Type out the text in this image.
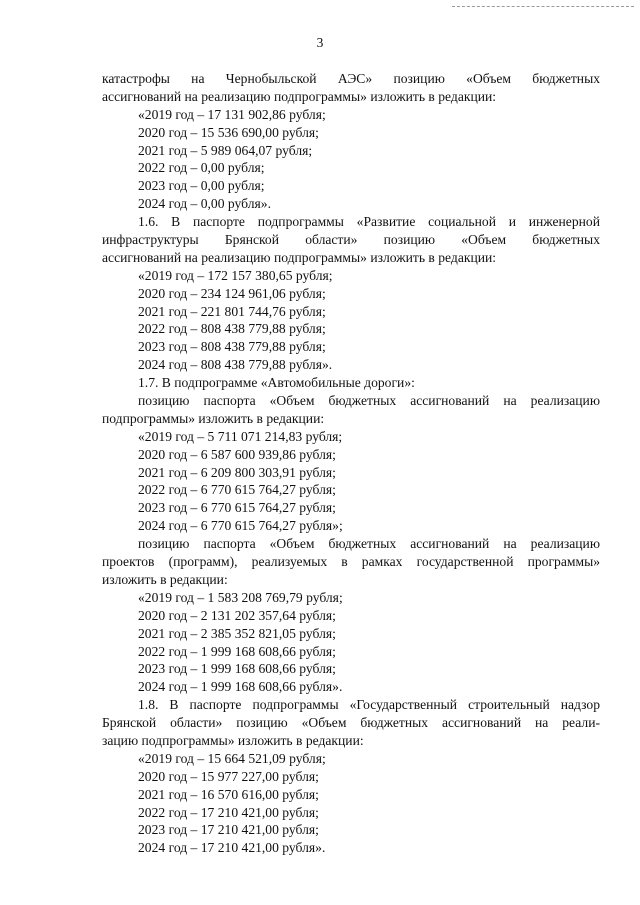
3
катастрофы на Чернобыльской АЭС» позицию «Объем бюджетных
ассигнований на реализацию подпрограммы» изложить в редакции:
«2019 год – 17 131 902,86 рубля;
2020 год – 15 536 690,00 рубля;
2021 год – 5 989 064,07 рубля;
2022 год – 0,00 рубля;
2023 год – 0,00 рубля;
2024 год – 0,00 рубля».
1.6. В паспорте подпрограммы «Развитие социальной и инженерной
инфраструктуры Брянской области» позицию «Объем бюджетных
ассигнований на реализацию подпрограммы» изложить в редакции:
«2019 год – 172 157 380,65 рубля;
2020 год – 234 124 961,06 рубля;
2021 год – 221 801 744,76 рубля;
2022 год – 808 438 779,88 рубля;
2023 год – 808 438 779,88 рубля;
2024 год – 808 438 779,88 рубля».
1.7. В подпрограмме «Автомобильные дороги»:
позицию паспорта «Объем бюджетных ассигнований на реализацию
подпрограммы» изложить в редакции:
«2019 год – 5 711 071 214,83 рубля;
2020 год – 6 587 600 939,86 рубля;
2021 год – 6 209 800 303,91 рубля;
2022 год – 6 770 615 764,27 рубля;
2023 год – 6 770 615 764,27 рубля;
2024 год – 6 770 615 764,27 рубля»;
позицию паспорта «Объем бюджетных ассигнований на реализацию
проектов (программ), реализуемых в рамках государственной программы»
изложить в редакции:
«2019 год – 1 583 208 769,79 рубля;
2020 год – 2 131 202 357,64 рубля;
2021 год – 2 385 352 821,05 рубля;
2022 год – 1 999 168 608,66 рубля;
2023 год – 1 999 168 608,66 рубля;
2024 год – 1 999 168 608,66 рубля».
1.8. В паспорте подпрограммы «Государственный строительный надзор
Брянской области» позицию «Объем бюджетных ассигнований на реали-
зацию подпрограммы» изложить в редакции:
«2019 год – 15 664 521,09 рубля;
2020 год – 15 977 227,00 рубля;
2021 год – 16 570 616,00 рубля;
2022 год – 17 210 421,00 рубля;
2023 год – 17 210 421,00 рубля;
2024 год – 17 210 421,00 рубля».
